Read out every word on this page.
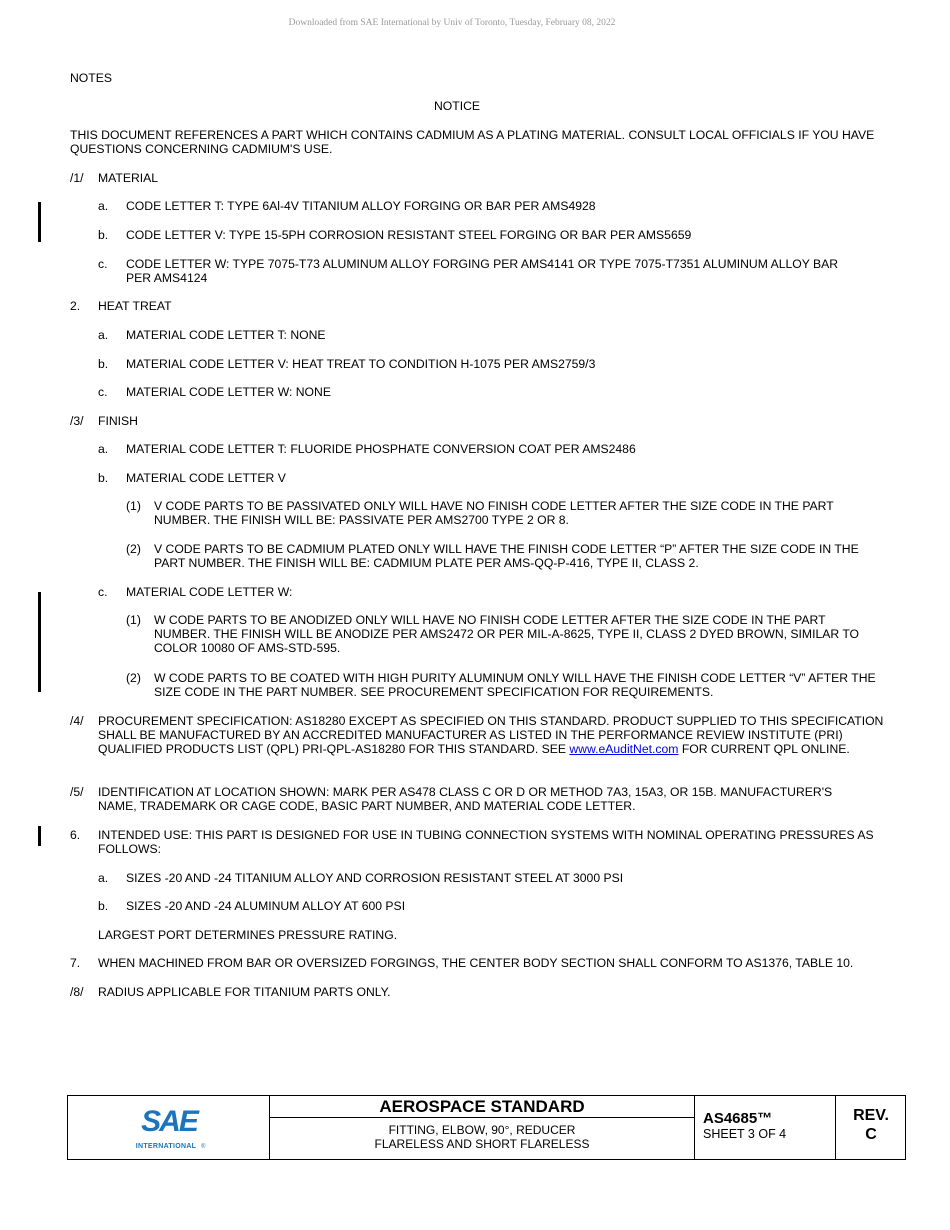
Downloaded from SAE International by Univ of Toronto, Tuesday, February 08, 2022
NOTES
NOTICE
THIS DOCUMENT REFERENCES A PART WHICH CONTAINS CADMIUM AS A PLATING MATERIAL. CONSULT LOCAL OFFICIALS IF YOU HAVE QUESTIONS CONCERNING CADMIUM'S USE.
/1/ MATERIAL
a. CODE LETTER T: TYPE 6Al-4V TITANIUM ALLOY FORGING OR BAR PER AMS4928
b. CODE LETTER V: TYPE 15-5PH CORROSION RESISTANT STEEL FORGING OR BAR PER AMS5659
c. CODE LETTER W: TYPE 7075-T73 ALUMINUM ALLOY FORGING PER AMS4141 OR TYPE 7075-T7351 ALUMINUM ALLOY BAR PER AMS4124
2. HEAT TREAT
a. MATERIAL CODE LETTER T: NONE
b. MATERIAL CODE LETTER V: HEAT TREAT TO CONDITION H-1075 PER AMS2759/3
c. MATERIAL CODE LETTER W: NONE
/3/ FINISH
a. MATERIAL CODE LETTER T: FLUORIDE PHOSPHATE CONVERSION COAT PER AMS2486
b. MATERIAL CODE LETTER V
(1) V CODE PARTS TO BE PASSIVATED ONLY WILL HAVE NO FINISH CODE LETTER AFTER THE SIZE CODE IN THE PART NUMBER. THE FINISH WILL BE: PASSIVATE PER AMS2700 TYPE 2 OR 8.
(2) V CODE PARTS TO BE CADMIUM PLATED ONLY WILL HAVE THE FINISH CODE LETTER “P” AFTER THE SIZE CODE IN THE PART NUMBER. THE FINISH WILL BE: CADMIUM PLATE PER AMS-QQ-P-416, TYPE II, CLASS 2.
c. MATERIAL CODE LETTER W:
(1) W CODE PARTS TO BE ANODIZED ONLY WILL HAVE NO FINISH CODE LETTER AFTER THE SIZE CODE IN THE PART NUMBER. THE FINISH WILL BE ANODIZE PER AMS2472 OR PER MIL-A-8625, TYPE II, CLASS 2 DYED BROWN, SIMILAR TO COLOR 10080 OF AMS-STD-595.
(2) W CODE PARTS TO BE COATED WITH HIGH PURITY ALUMINUM ONLY WILL HAVE THE FINISH CODE LETTER “V” AFTER THE SIZE CODE IN THE PART NUMBER. SEE PROCUREMENT SPECIFICATION FOR REQUIREMENTS.
/4/ PROCUREMENT SPECIFICATION: AS18280 EXCEPT AS SPECIFIED ON THIS STANDARD. PRODUCT SUPPLIED TO THIS SPECIFICATION SHALL BE MANUFACTURED BY AN ACCREDITED MANUFACTURER AS LISTED IN THE PERFORMANCE REVIEW INSTITUTE (PRI) QUALIFIED PRODUCTS LIST (QPL) PRI-QPL-AS18280 FOR THIS STANDARD. SEE www.eAuditNet.com FOR CURRENT QPL ONLINE.
/5/ IDENTIFICATION AT LOCATION SHOWN: MARK PER AS478 CLASS C OR D OR METHOD 7A3, 15A3, OR 15B. MANUFACTURER'S NAME, TRADEMARK OR CAGE CODE, BASIC PART NUMBER, AND MATERIAL CODE LETTER.
6. INTENDED USE: THIS PART IS DESIGNED FOR USE IN TUBING CONNECTION SYSTEMS WITH NOMINAL OPERATING PRESSURES AS FOLLOWS:
a. SIZES -20 AND -24 TITANIUM ALLOY AND CORROSION RESISTANT STEEL AT 3000 PSI
b. SIZES -20 AND -24 ALUMINUM ALLOY AT 600 PSI
LARGEST PORT DETERMINES PRESSURE RATING.
7. WHEN MACHINED FROM BAR OR OVERSIZED FORGINGS, THE CENTER BODY SECTION SHALL CONFORM TO AS1376, TABLE 10.
/8/ RADIUS APPLICABLE FOR TITANIUM PARTS ONLY.
SAE
INTERNATIONAL ®
AEROSPACE STANDARD
FITTING, ELBOW, 90°, REDUCER
FLARELESS AND SHORT FLARELESS
AS4685™
SHEET 3 OF 4
REV.
C
